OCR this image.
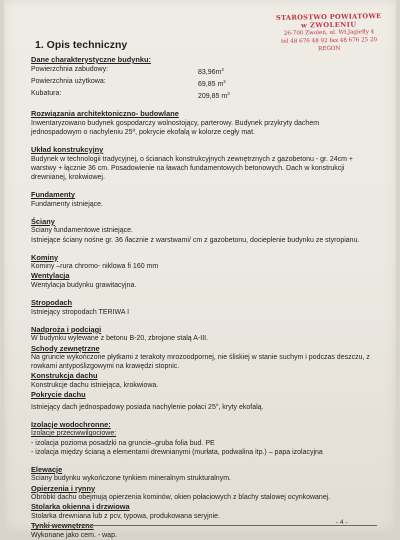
STAROSTWO POWIATOWE
w ZWOLENIU
26-700 Zwoleń, ul. Wł.Jagiełły 4
tel 48 676 48 92 fax 48 676 25 20
REGON
1. Opis techniczny
Dane charakterystyczne budynku:
Powierzchnia zabudowy:	$83,96m^2$
Powierzchnia użytkowa:	69,85 $m^2$
Kubatura:	209,85 $m^3$
Rozwiązania architektoniczno- budowlane

Inwentaryzowano budynek gospodarczy wolnostojący, parterowy. Budynek przykryty dachem jednospadowym o nachyleniu 25º, pokrycie ekofalą w kolorze cegły mat.

Układ konstrukcyjny

Budynek w technologii tradycyjnej, o ścianach konstrukcyjnych zewnętrznych z gazobetonu - gr. 24cm + warstwy + łącznie 36 cm. Posadowienie na ławach fundamentowych betonowych. Dach w konstrukcji drewnianej, krokwiowej.

Fundamenty

Fundamenty istniejące.

Ściany

Ściany fundamentowe istniejące.

Istniejące ściany nośne gr. 36 /łacznie z warstwami/ cm z gazobetonu, docieplenie budynku ze styropianu.

Kominy

Kominy –rura chromo- niklowa fi 160 mm

Wentylacja

Wentylacja budynku grawitacyjna.

Stropodach

Istniejący stropodach TERIWA I

Nadproża i podciągi

W budynku wylewane z betonu B-20, zbrojone stalą A-III.

Schody zewnętrzne

Na gruncie wykończone płytkami z terakoty mrozoodpornej, nie śliskiej w stanie suchym i podczas deszczu, z rowkami antypoślizgowymi na krawędzi stopnic.

Konstrukcja dachu

Konstrukcje dachu istniejąca, krokwiowa.

Pokrycie dachu

Istniejący dach jednospadowy posiada nachylenie połaci 25$^o$, kryty ekofalą.

Izolacje wodochronne:

Izolacje przeciwwilgociowe:

- izolacja pozioma posadzki na gruncie–gruba folia bud. PE

- izolacja między ścianą a elementami drewnianymi (murłata, podwalina itp.) – papa izolacyjna

Elewacje

Ściany budynku wykończone tynkiem mineralnym strukturalnym.

Opierzenia i rynny

Obróbki dachu obejmują opierzenia kominów, okien połaciowych z blachy stalowej ocynkowanej.

Stolarka okienna i drzwiowa

Stolarka drewniana lub z pcv, typowa, produkowana seryjnie.

Wykonane jako cem. - wap.

- 4 -
